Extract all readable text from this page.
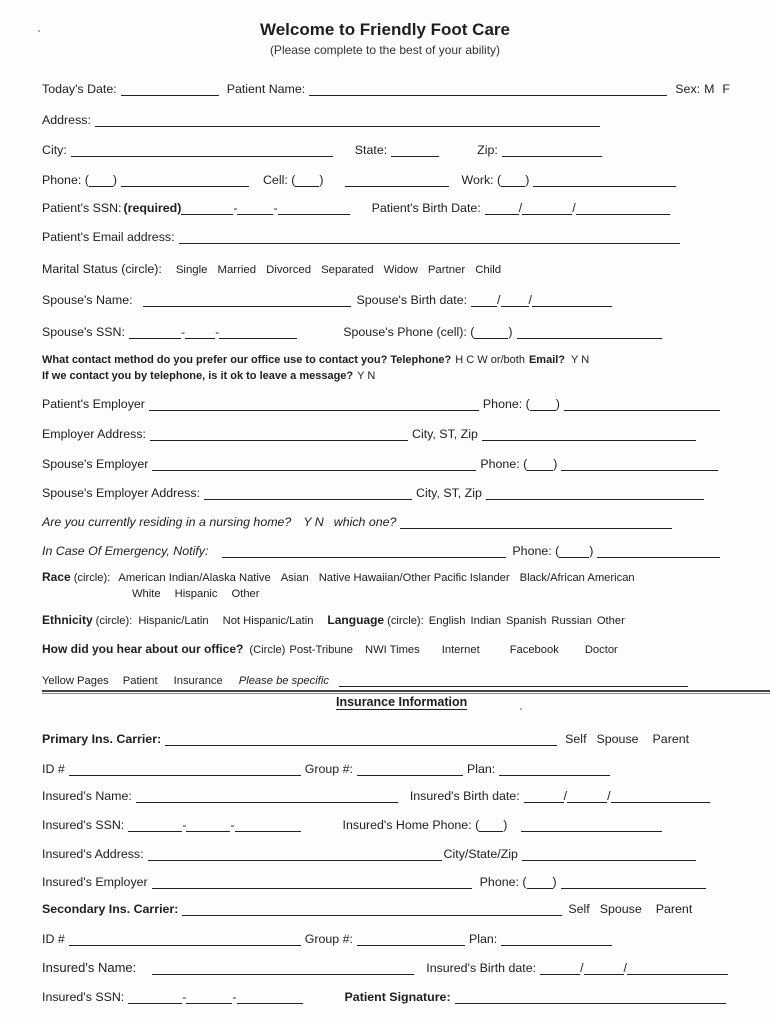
Welcome to Friendly Foot Care
(Please complete to the best of your ability)
Today's Date:	Patient Name:	Sex: M F
Address:
City:	State:	Zip:
Phone: ( )	Cell: ( )	Work: ( )
Patient's SSN: (required)	-	-	Patient's Birth Date:	/	/
Patient's Email address:
Marital Status (circle): Single Married Divorced Separated Widow Partner Child
Spouse's Name:	Spouse's Birth date: / /
Spouse's SSN:	- -	Spouse's Phone (cell): (	)
What contact method do you prefer our office use to contact you? Telephone? H C W or/both Email? Y N
If we contact you by telephone, is it ok to leave a message? Y N
Patient's Employer	Phone: ( )
Employer Address:	City, ST, Zip
Spouse's Employer	Phone: ( )
Spouse's Employer Address:	City, ST, Zip
Are you currently residing in a nursing home? Y N which one?
In Case Of Emergency, Notify:	Phone: ( )
Race (circle): American Indian/Alaska Native Asian Native Hawaiian/Other Pacific Islander Black/African American
White Hispanic Other
Ethnicity (circle): Hispanic/Latin Not Hispanic/Latin Language (circle): English Indian Spanish Russian Other
How did you hear about our office? (Circle) Post-Tribune NWI Times Internet	Facebook Doctor
Yellow Pages Patient Insurance Please be specific
Insurance Information
Primary Ins. Carrier:	Self Spouse Parent
ID #	Group #:	Plan:
Insured's Name:	Insured's Birth date:	/	/
Insured's SSN:	-	-	Insured's Home Phone: ( )
Insured's Address:	City/State/Zip
Insured's Employer	Phone: ( )
Secondary Ins. Carrier:	Self Spouse Parent
ID #	Group #:	Plan:
Insured's Name:	Insured's Birth date:	/	/
Insured's SSN:	-	-	Patient Signature:
